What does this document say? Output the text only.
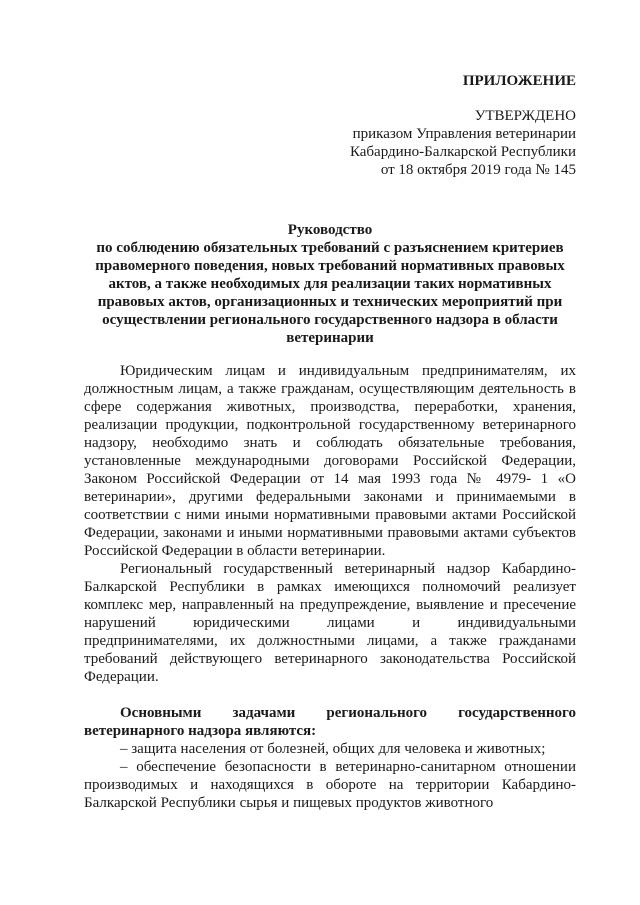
ПРИЛОЖЕНИЕ
УТВЕРЖДЕНО
приказом Управления ветеринарии
Кабардино-Балкарской Республики
от 18 октября 2019 года № 145
Руководство
по соблюдению обязательных требований с разъяснением критериев
правомерного поведения, новых требований нормативных правовых
актов, а также необходимых для реализации таких нормативных
правовых актов, организационных и технических мероприятий при
осуществлении регионального государственного надзора в области
ветеринарии

Юридическим лицам и индивидуальным предпринимателям, их должностным лицам, а также гражданам, осуществляющим деятельность в сфере содержания животных, производства, переработки, хранения, реализации продукции, подконтрольной государственному ветеринарного надзору, необходимо знать и соблюдать обязательные требования, установленные международными договорами Российской Федерации, Законом Российской Федерации от 14 мая 1993 года № 4979- 1 «О ветеринарии», другими федеральными законами и принимаемыми в соответствии с ними иными нормативными правовыми актами Российской Федерации, законами и иными нормативными правовыми актами субъектов Российской Федерации в области ветеринарии.

Региональный государственный ветеринарный надзор Кабардино-Балкарской Республики в рамках имеющихся полномочий реализует комплекс мер, направленный на предупреждение, выявление и пресечение нарушений юридическими лицами и индивидуальными предпринимателями, их должностными лицами, а также гражданами требований действующего ветеринарного законодательства Российской Федерации.

Основными задачами регионального государственного ветеринарного надзора являются:

– защита населения от болезней, общих для человека и животных;

– обеспечение безопасности в ветеринарно-санитарном отношении производимых и находящихся в обороте на территории Кабардино-Балкарской Республики сырья и пищевых продуктов животного
